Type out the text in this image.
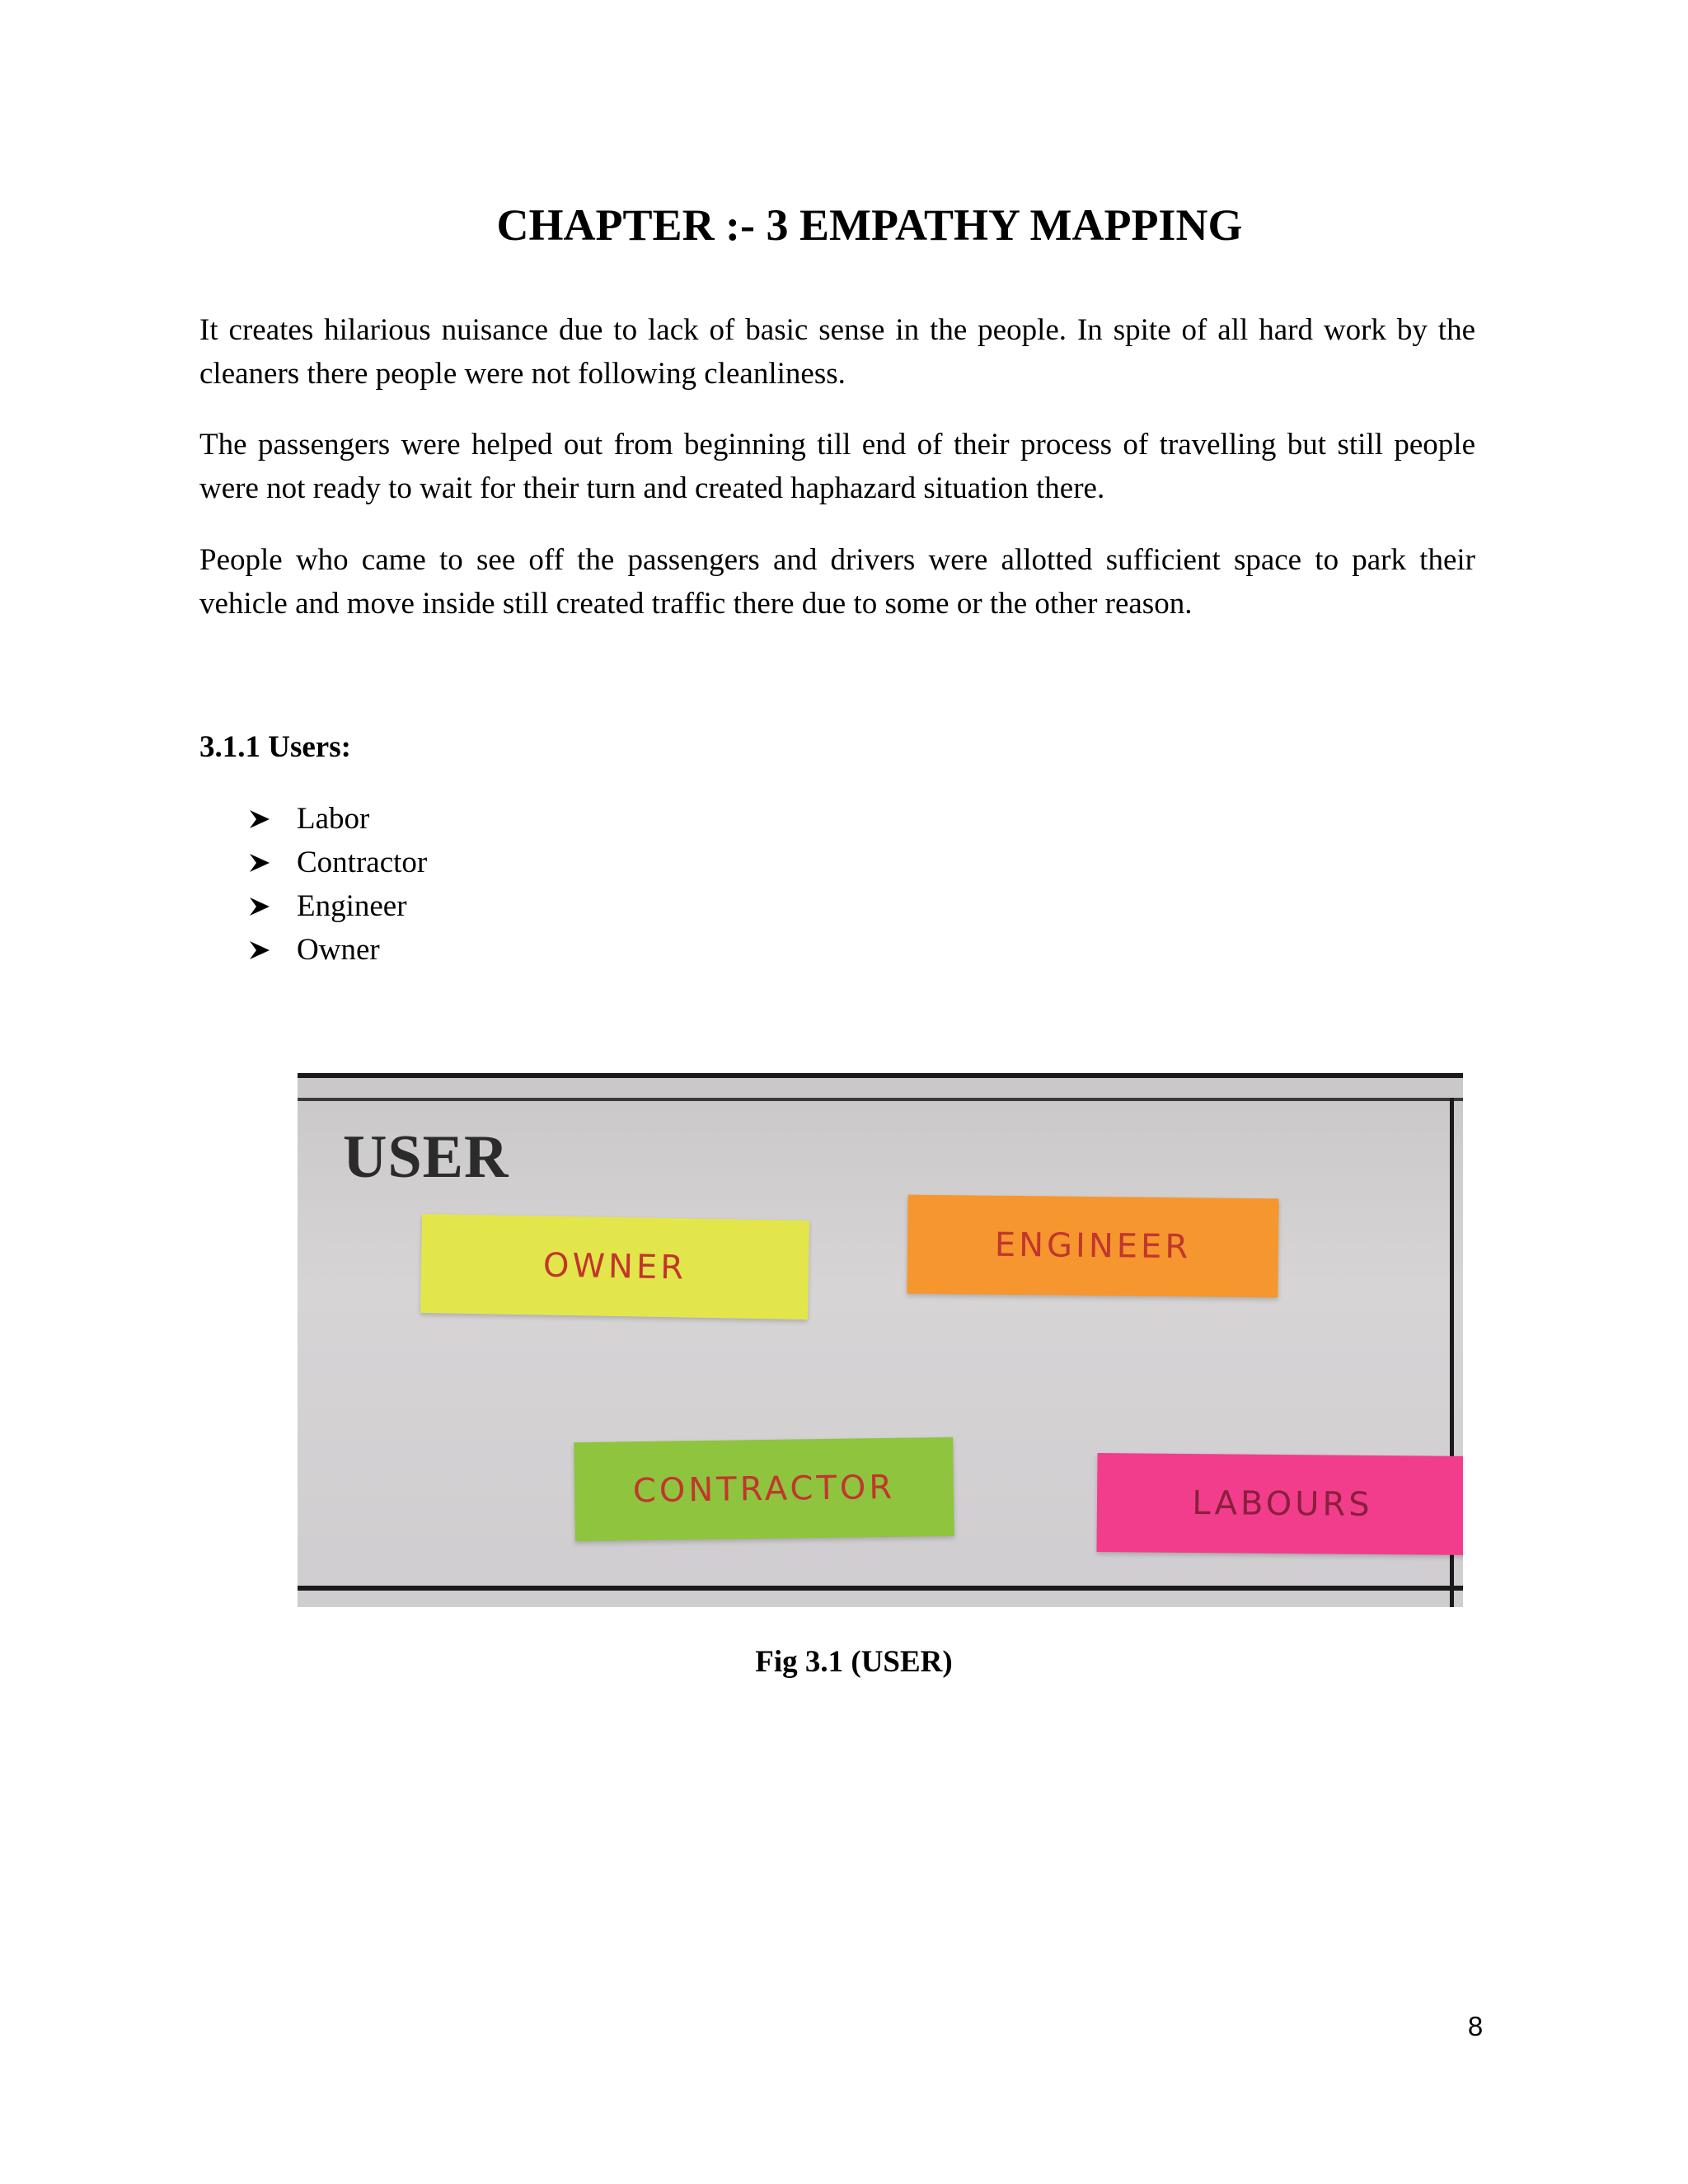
CHAPTER :- 3 EMPATHY MAPPING

It creates hilarious nuisance due to lack of basic sense in the people. In spite of all hard work by the cleaners there people were not following cleanliness.

The passengers were helped out from beginning till end of their process of travelling but still people were not ready to wait for their turn and created haphazard situation there.

People who came to see off the passengers and drivers were allotted sufficient space to park their vehicle and move inside still created traffic there due to some or the other reason.

3.1.1 Users:
Labor
Contractor
Engineer
Owner
USER
OWNER
ENGINEER
CONTRACTOR	LABOURS
Fig 3.1 (USER)
8
